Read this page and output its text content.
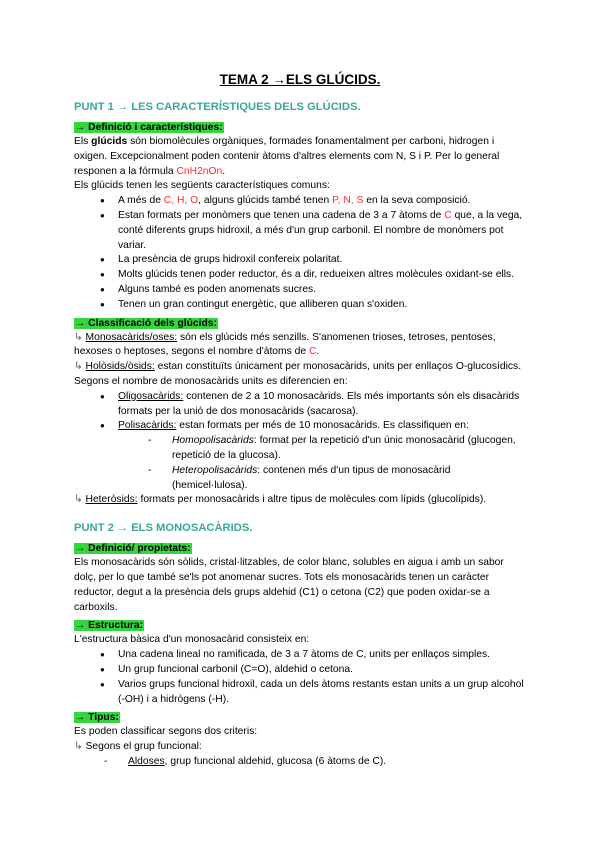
TEMA 2 →ELS GLÚCIDS.
PUNT 1 → LES CARACTERÍSTIQUES DELS GLÚCIDS.
→ Definició i característiques:

Els glúcids són biomolècules orgàniques, formades fonamentalment per carboni, hidrogen i oxigen. Excepcionalment poden contenir àtoms d'altres elements com N, S i P. Per lo general responen a la fórmula CnH2nOn.

Els glúcids tenen les següents característiques comuns:

● A més de C, H, O, alguns glúcids també tenen P, N, S en la seva composició.
● Estan formats per monòmers que tenen una cadena de 3 a 7 àtoms de C que, a la vega, conté diferents grups hidroxil, a més d'un grup carbonil. El nombre de monòmers pot variar.
● La presència de grups hidroxil confereix polaritat.
● Molts glúcids tenen poder reductor, és a dir, redueixen altres molècules oxidant-se ells.
● Alguns també es poden anomenats sucres.
● Tenen un gran contingut energètic, que alliberen quan s'oxiden.
→ Classificació dels glúcids:

↳ Monosacàrids/oses: són els glúcids més senzills. S'anomenen trioses, tetroses, pentoses, hexoses o heptoses, segons el nombre d'àtoms de C.

↳ Holòsids/òsids: estan constituïts únicament per monosacàrids, units per enllaços O-glucosídics. Segons el nombre de monosacàrids units es diferencien en:

● Oligosacàrids: contenen de 2 a 10 monosacàrids. Els més importants són els disacàrids formats per la unió de dos monosacàrids (sacarosa).
● Polisacàrids: estan formats per més de 10 monosacàrids. Es classifiquen en:
- Homopolisacàrids: format per la repetició d'un únic monosacàrid (glucogen, repetició de la glucosa).
- Heteropolisacàrids: contenen més d'un tipus de monosacàrid (hemicel·lulosa).

↳ Heteròsids: formats per monosacàrids i altre tipus de molècules com lípids (glucolípids).

PUNT 2 → ELS MONOSACÀRIDS.
→ Definició/ propietats:

Els monosacàrids són sòlids, cristal·litzables, de color blanc, solubles en aigua i amb un sabor dolç, per lo que també se'ls pot anomenar sucres. Tots els monosacàrids tenen un caràcter reductor, degut a la presència dels grups aldehid (C1) o cetona (C2) que poden oxidar-se a carboxils.

→ Estructura:

L'estructura bàsica d'un monosacàrid consisteix en:

● Una cadena lineal no ramificada, de 3 a 7 àtoms de C, units per enllaços simples.
● Un grup funcional carbonil (C=O), aldehid o cetona.
● Varios grups funcional hidroxil, cada un dels àtoms restants estan units a un grup alcohol (-OH) i a hidrògens (-H).
→ Tipus:

Es poden classificar segons dos criteris:

↳ Segons el grup funcional:

- Aldoses, grup funcional aldehid, glucosa (6 àtoms de C).
